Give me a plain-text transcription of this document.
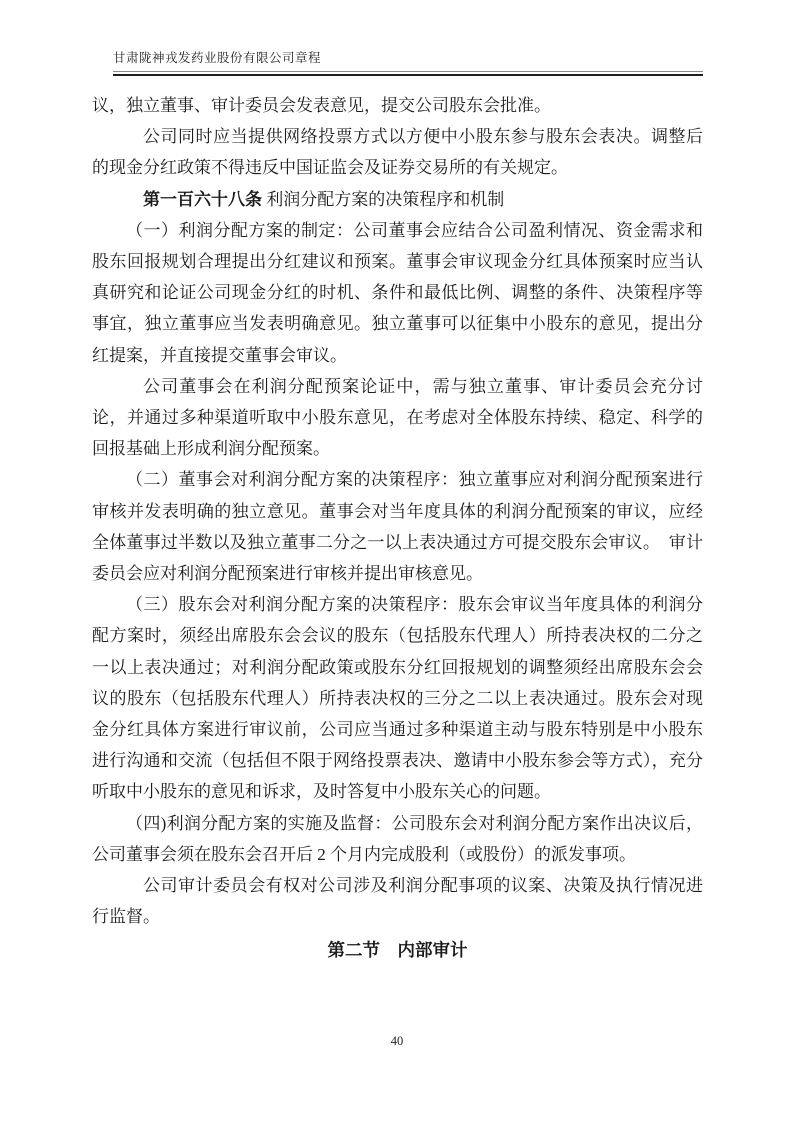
甘肃陇神戎发药业股份有限公司章程

议，独立董事、审计委员会发表意见，提交公司股东会批准。

公司同时应当提供网络投票方式以方便中小股东参与股东会表决。调整后的现金分红政策不得违反中国证监会及证券交易所的有关规定。

第一百六十八条 利润分配方案的决策程序和机制

（一）利润分配方案的制定：公司董事会应结合公司盈利情况、资金需求和股东回报规划合理提出分红建议和预案。董事会审议现金分红具体预案时应当认真研究和论证公司现金分红的时机、条件和最低比例、调整的条件、决策程序等事宜，独立董事应当发表明确意见。独立董事可以征集中小股东的意见，提出分红提案，并直接提交董事会审议。

公司董事会在利润分配预案论证中，需与独立董事、审计委员会充分讨论，并通过多种渠道听取中小股东意见，在考虑对全体股东持续、稳定、科学的回报基础上形成利润分配预案。

（二）董事会对利润分配方案的决策程序：独立董事应对利润分配预案进行审核并发表明确的独立意见。董事会对当年度具体的利润分配预案的审议，应经全体董事过半数以及独立董事二分之一以上表决通过方可提交股东会审议。　审计委员会应对利润分配预案进行审核并提出审核意见。

（三）股东会对利润分配方案的决策程序：股东会审议当年度具体的利润分配方案时，须经出席股东会会议的股东（包括股东代理人）所持表决权的二分之一以上表决通过；对利润分配政策或股东分红回报规划的调整须经出席股东会会议的股东（包括股东代理人）所持表决权的三分之二以上表决通过。股东会对现金分红具体方案进行审议前，公司应当通过多种渠道主动与股东特别是中小股东进行沟通和交流（包括但不限于网络投票表决、邀请中小股东参会等方式），充分听取中小股东的意见和诉求，及时答复中小股东关心的问题。

（四)利润分配方案的实施及监督：公司股东会对利润分配方案作出决议后，公司董事会须在股东会召开后 2 个月内完成股利（或股份）的派发事项。

公司审计委员会有权对公司涉及利润分配事项的议案、决策及执行情况进行监督。

第二节　内部审计

40
